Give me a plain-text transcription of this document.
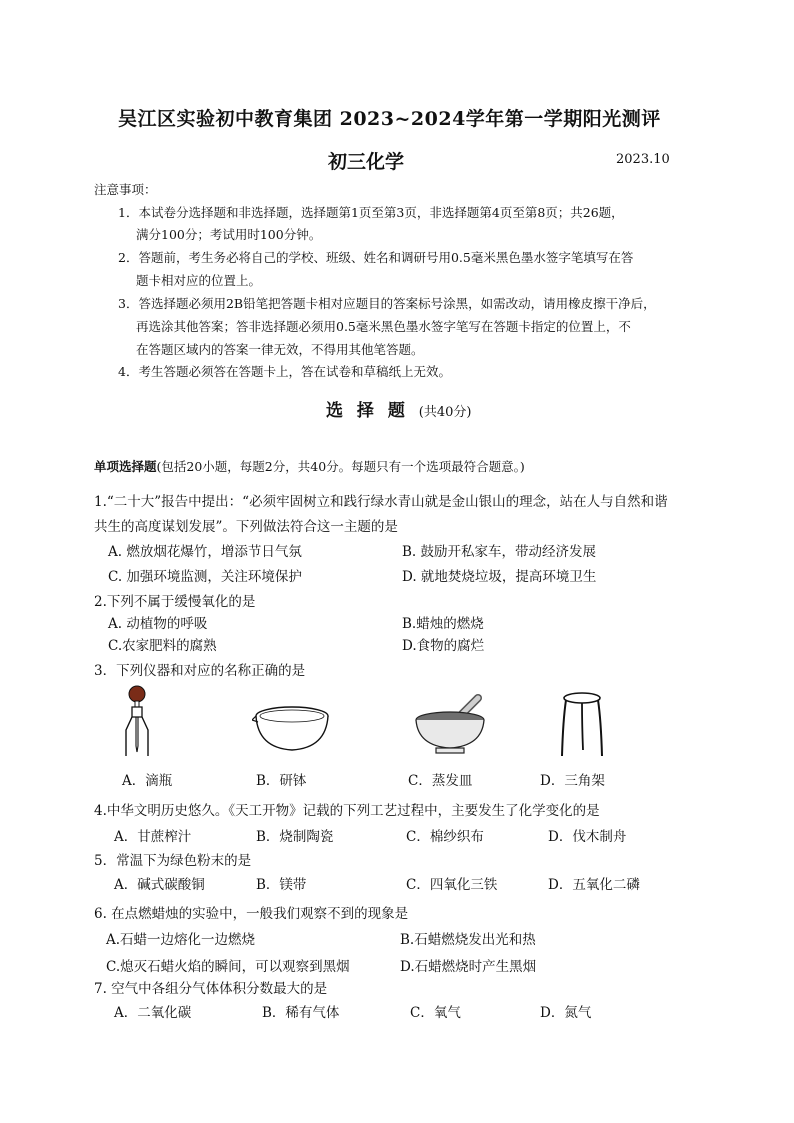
吴江区实验初中教育集团 2023~2024学年第一学期阳光测评
初三化学	2023.10
注意事项：
1．本试卷分选择题和非选择题，选择题第1页至第3页，非选择题第4页至第8页；共26题，
满分100分；考试用时100分钟。
2．答题前，考生务必将自己的学校、班级、姓名和调研号用0.5毫米黑色墨水签字笔填写在答
题卡相对应的位置上。
3．答选择题必须用2B铅笔把答题卡相对应题目的答案标号涂黑，如需改动，请用橡皮擦干净后，
再选涂其他答案；答非选择题必须用0.5毫米黑色墨水签字笔写在答题卡指定的位置上，不
在答题区域内的答案一律无效，不得用其他笔答题。
4．考生答题必须答在答题卡上，答在试卷和草稿纸上无效。
选 择 题 (共40分)
单项选择题(包括20小题，每题2分，共40分。每题只有一个选项最符合题意。)
1.“二十大”报告中提出：“必须牢固树立和践行绿水青山就是金山银山的理念，站在人与自然和谐
共生的高度谋划发展”。下列做法符合这一主题的是
A. 燃放烟花爆竹，增添节日气氛	B. 鼓励开私家车，带动经济发展
C. 加强环境监测，关注环境保护	D. 就地焚烧垃圾，提高环境卫生
2.下列不属于缓慢氧化的是
A. 动植物的呼吸	B.蜡烛的燃烧
C.农家肥料的腐熟	D.食物的腐烂
3．下列仪器和对应的名称正确的是
A．滴瓶	B．研钵	C．蒸发皿	D．三角架
4.中华文明历史悠久。《天工开物》记载的下列工艺过程中，主要发生了化学变化的是
A．甘蔗榨汁	B．烧制陶瓷	C．棉纱织布	D．伐木制舟
5．常温下为绿色粉末的是
A．碱式碳酸铜	B．镁带	C．四氧化三铁	D．五氧化二磷
6. 在点燃蜡烛的实验中，一般我们观察不到的现象是
A.石蜡一边熔化一边燃烧	B.石蜡燃烧发出光和热
C.熄灭石蜡火焰的瞬间，可以观察到黑烟	D.石蜡燃烧时产生黑烟
7. 空气中各组分气体体积分数最大的是
A．二氧化碳	B．稀有气体	C．氧气	D．氮气
